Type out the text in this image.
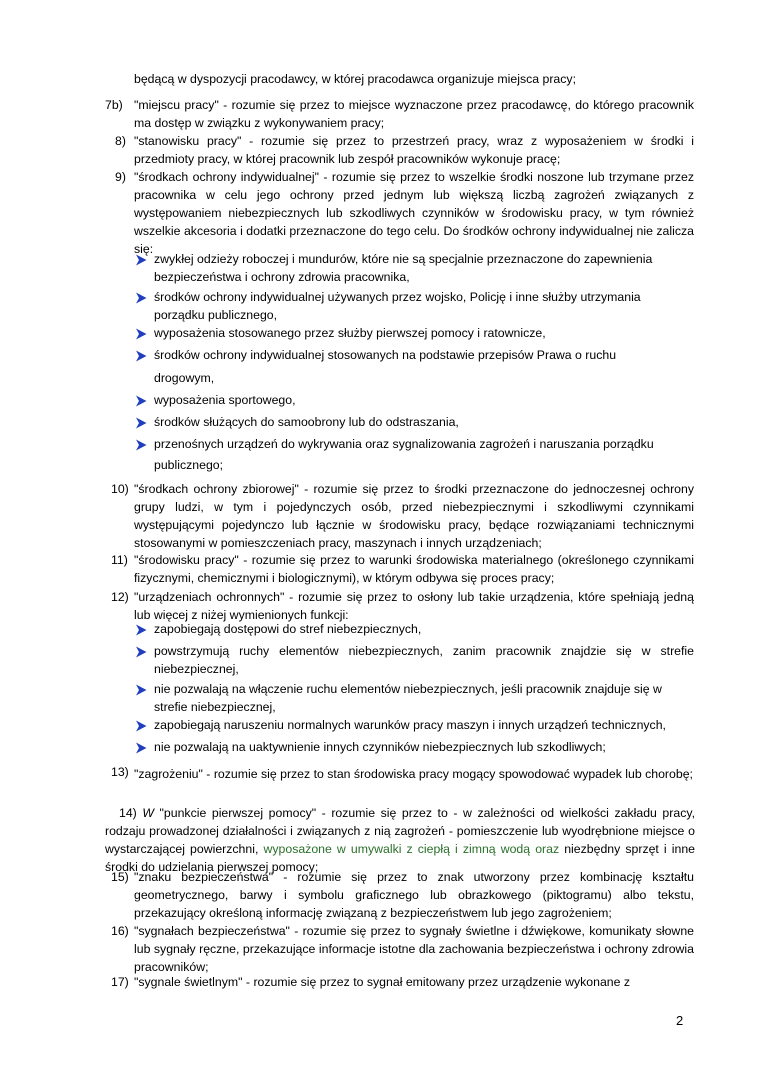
będącą w dyspozycji pracodawcy, w której pracodawca organizuje miejsca pracy;
7b) "miejscu pracy" - rozumie się przez to miejsce wyznaczone przez pracodawcę, do którego pracownik ma dostęp w związku z wykonywaniem pracy;
8) "stanowisku pracy" - rozumie się przez to przestrzeń pracy, wraz z wyposażeniem w środki i przedmioty pracy, w której pracownik lub zespół pracowników wykonuje pracę;
9) "środkach ochrony indywidualnej" - rozumie się przez to wszelkie środki noszone lub trzymane przez pracownika w celu jego ochrony przed jednym lub większą liczbą zagrożeń związanych z występowaniem niebezpiecznych lub szkodliwych czynników w środowisku pracy, w tym również wszelkie akcesoria i dodatki przeznaczone do tego celu. Do środków ochrony indywidualnej nie zalicza się:
zwykłej odzieży roboczej i mundurów, które nie są specjalnie przeznaczone do zapewnienia bezpieczeństwa i ochrony zdrowia pracownika,
środków ochrony indywidualnej używanych przez wojsko, Policję i inne służby utrzymania porządku publicznego,
wyposażenia stosowanego przez służby pierwszej pomocy i ratownicze,
środków ochrony indywidualnej stosowanych na podstawie przepisów Prawa o ruchu
drogowym,
wyposażenia sportowego,
środków służących do samoobrony lub do odstraszania,
przenośnych urządzeń do wykrywania oraz sygnalizowania zagrożeń i naruszania porządku
publicznego;
10) "środkach ochrony zbiorowej" - rozumie się przez to środki przeznaczone do jednoczesnej ochrony grupy ludzi, w tym i pojedynczych osób, przed niebezpiecznymi i szkodliwymi czynnikami występującymi pojedynczo lub łącznie w środowisku pracy, będące rozwiązaniami technicznymi stosowanymi w pomieszczeniach pracy, maszynach i innych urządzeniach;
11) "środowisku pracy" - rozumie się przez to warunki środowiska materialnego (określonego czynnikami fizycznymi, chemicznymi i biologicznymi), w którym odbywa się proces pracy;
12) "urządzeniach ochronnych" - rozumie się przez to osłony lub takie urządzenia, które spełniają jedną lub więcej z niżej wymienionych funkcji:
zapobiegają dostępowi do stref niebezpiecznych,
powstrzymują ruchy elementów niebezpiecznych, zanim pracownik znajdzie się w strefie niebezpiecznej,
nie pozwalają na włączenie ruchu elementów niebezpiecznych, jeśli pracownik znajduje się w strefie niebezpiecznej,
zapobiegają naruszeniu normalnych warunków pracy maszyn i innych urządzeń technicznych,
nie pozwalają na uaktywnienie innych czynników niebezpiecznych lub szkodliwych;
13) "zagrożeniu" - rozumie się przez to stan środowiska pracy mogący spowodować wypadek lub chorobę;
14) W "punkcie pierwszej pomocy" - rozumie się przez to - w zależności od wielkości zakładu pracy, rodzaju prowadzonej działalności i związanych z nią zagrożeń - pomieszczenie lub wyodrębnione miejsce o wystarczającej powierzchni, wyposażone w umywalki z ciepłą i zimną wodą oraz niezbędny sprzęt i inne środki do udzielania pierwszej pomocy;
15) "znaku bezpieczeństwa" - rozumie się przez to znak utworzony przez kombinację kształtu geometrycznego, barwy i symbolu graficznego lub obrazkowego (piktogramu) albo tekstu, przekazujący określoną informację związaną z bezpieczeństwem lub jego zagrożeniem;
16) "sygnałach bezpieczeństwa" - rozumie się przez to sygnały świetlne i dźwiękowe, komunikaty słowne lub sygnały ręczne, przekazujące informacje istotne dla zachowania bezpieczeństwa i ochrony zdrowia pracowników;
17) "sygnale świetlnym" - rozumie się przez to sygnał emitowany przez urządzenie wykonane z
2
